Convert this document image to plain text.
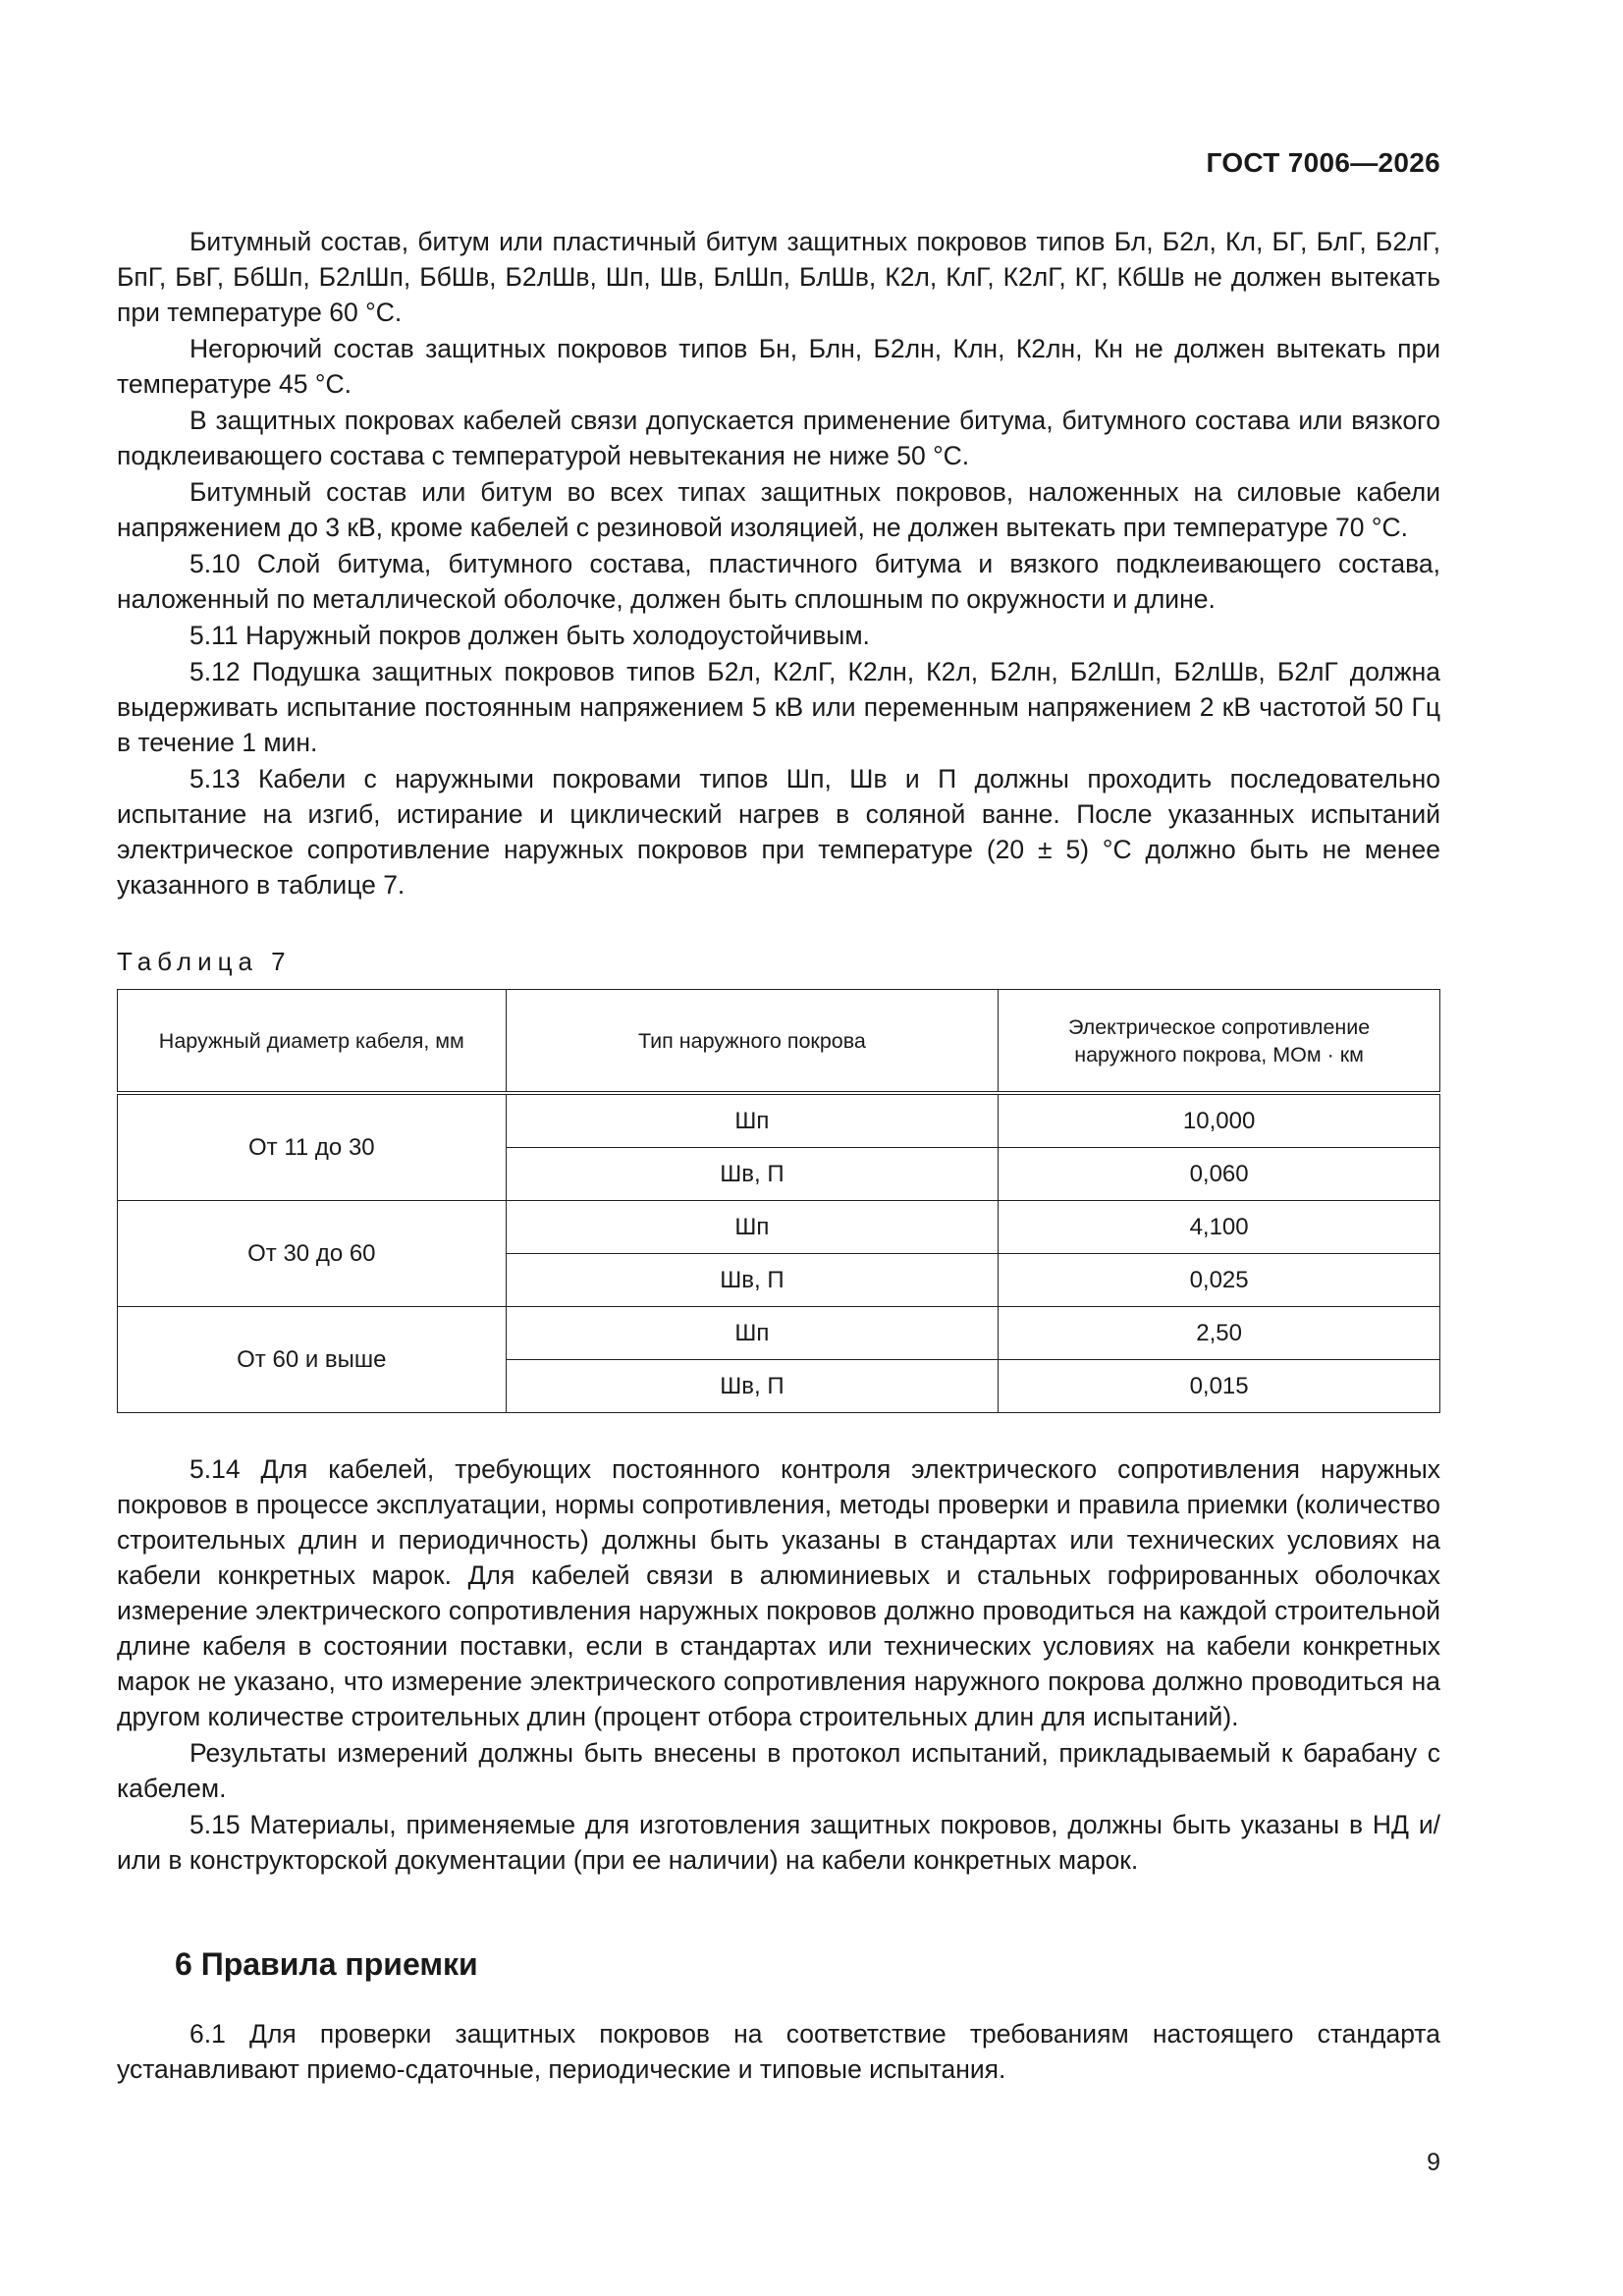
ГОСТ 7006—2026

Битумный состав, битум или пластичный битум защитных покровов типов Бл, Б2л, Кл, БГ, БлГ, Б2лГ, БпГ, БвГ, БбШп, Б2лШп, БбШв, Б2лШв, Шп, Шв, БлШп, БлШв, К2л, КлГ, К2лГ, КГ, КбШв не должен вытекать при температуре 60 °С.

Негорючий состав защитных покровов типов Бн, Блн, Б2лн, Клн, К2лн, Кн не должен вытекать при температуре 45 °С.

В защитных покровах кабелей связи допускается применение битума, битумного состава или вязкого подклеивающего состава с температурой невытекания не ниже 50 °С.

Битумный состав или битум во всех типах защитных покровов, наложенных на силовые кабели напряжением до 3 кВ, кроме кабелей с резиновой изоляцией, не должен вытекать при температуре 70 °С.

5.10 Слой битума, битумного состава, пластичного битума и вязкого подклеивающего состава, наложенный по металлической оболочке, должен быть сплошным по окружности и длине.

5.11 Наружный покров должен быть холодоустойчивым.

5.12 Подушка защитных покровов типов Б2л, К2лГ, К2лн, К2л, Б2лн, Б2лШп, Б2лШв, Б2лГ должна выдерживать испытание постоянным напряжением 5 кВ или переменным напряжением 2 кВ частотой 50 Гц в течение 1 мин.

5.13 Кабели с наружными покровами типов Шп, Шв и П должны проходить последовательно испытание на изгиб, истирание и циклический нагрев в соляной ванне. После указанных испытаний электрическое сопротивление наружных покровов при температуре (20 ± 5) °С должно быть не менее указанного в таблице 7.

Таблица 7
Наружный диаметр кабеля, мм	Тип наружного покрова	Электрическое сопротивление наружного покрова, МОм · км
От 11 до 30	Шп	10,000
	Шв, П	0,060
От 30 до 60	Шп	4,100
	Шв, П	0,025
От 60 и выше	Шп	2,50
	Шв, П	0,015

5.14 Для кабелей, требующих постоянного контроля электрического сопротивления наружных покровов в процессе эксплуатации, нормы сопротивления, методы проверки и правила приемки (количество строительных длин и периодичность) должны быть указаны в стандартах или технических условиях на кабели конкретных марок. Для кабелей связи в алюминиевых и стальных гофрированных оболочках измерение электрического сопротивления наружных покровов должно проводиться на каждой строительной длине кабеля в состоянии поставки, если в стандартах или технических условиях на кабели конкретных марок не указано, что измерение электрического сопротивления наружного покрова должно проводиться на другом количестве строительных длин (процент отбора строительных длин для испытаний).

Результаты измерений должны быть внесены в протокол испытаний, прикладываемый к барабану с кабелем.

5.15 Материалы, применяемые для изготовления защитных покровов, должны быть указаны в НД и/или в конструкторской документации (при ее наличии) на кабели конкретных марок.

6 Правила приемки

6.1 Для проверки защитных покровов на соответствие требованиям настоящего стандарта устанавливают приемо-сдаточные, периодические и типовые испытания.

9
